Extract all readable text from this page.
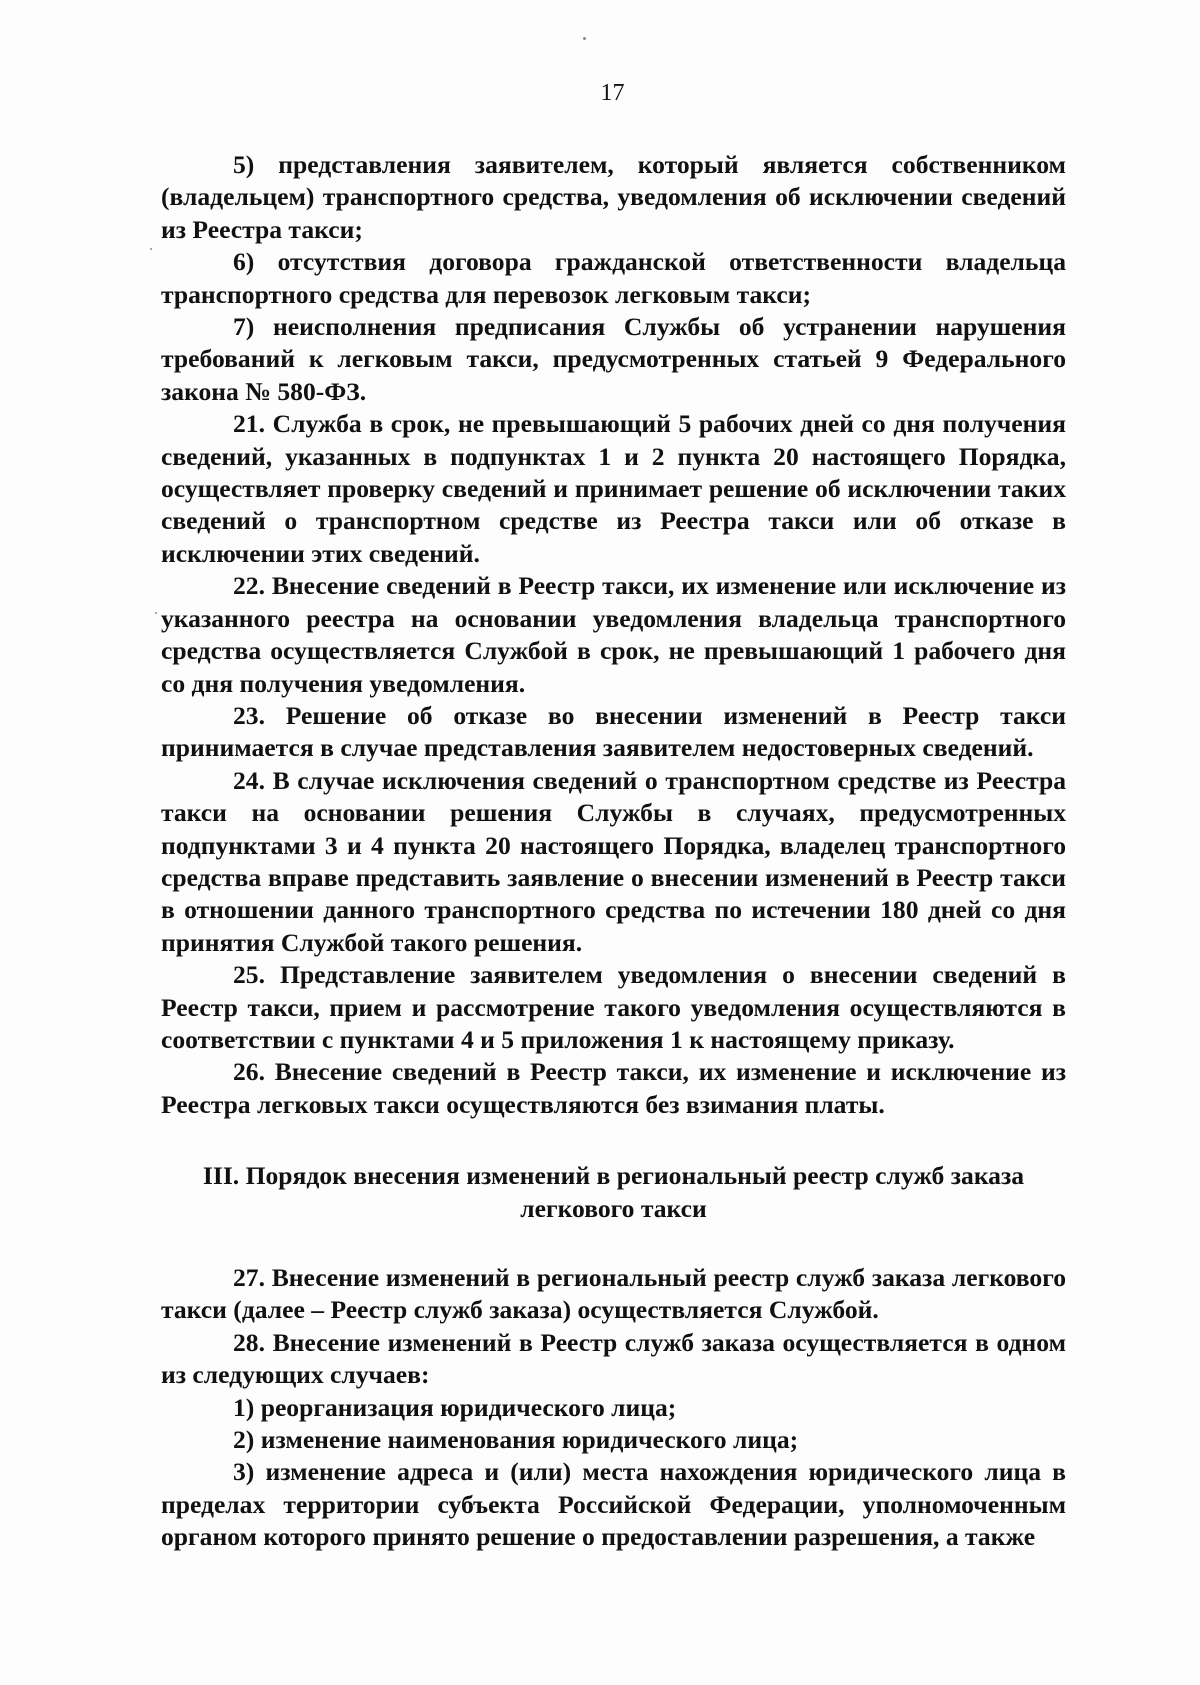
17

5) представления заявителем, который является собственником (владельцем) транспортного средства, уведомления об исключении сведений из Реестра такси;

6) отсутствия договора гражданской ответственности владельца транспортного средства для перевозок легковым такси;

7) неисполнения предписания Службы об устранении нарушения требований к легковым такси, предусмотренных статьей 9 Федерального закона № 580-ФЗ.

21. Служба в срок, не превышающий 5 рабочих дней со дня получения сведений, указанных в подпунктах 1 и 2 пункта 20 настоящего Порядка, осуществляет проверку сведений и принимает решение об исключении таких сведений о транспортном средстве из Реестра такси или об отказе в исключении этих сведений.

22. Внесение сведений в Реестр такси, их изменение или исключение из указанного реестра на основании уведомления владельца транспортного средства осуществляется Службой в срок, не превышающий 1 рабочего дня со дня получения уведомления.

23. Решение об отказе во внесении изменений в Реестр такси принимается в случае представления заявителем недостоверных сведений.

24. В случае исключения сведений о транспортном средстве из Реестра такси на основании решения Службы в случаях, предусмотренных подпунктами 3 и 4 пункта 20 настоящего Порядка, владелец транспортного средства вправе представить заявление о внесении изменений в Реестр такси в отношении данного транспортного средства по истечении 180 дней со дня принятия Службой такого решения.

25. Представление заявителем уведомления о внесении сведений в Реестр такси, прием и рассмотрение такого уведомления осуществляются в соответствии с пунктами 4 и 5 приложения 1 к настоящему приказу.

26. Внесение сведений в Реестр такси, их изменение и исключение из Реестра легковых такси осуществляются без взимания платы.

III. Порядок внесения изменений в региональный реестр служб заказа
легкового такси

27. Внесение изменений в региональный реестр служб заказа легкового такси (далее – Реестр служб заказа) осуществляется Службой.

28. Внесение изменений в Реестр служб заказа осуществляется в одном из следующих случаев:

1) реорганизация юридического лица;

2) изменение наименования юридического лица;

3) изменение адреса и (или) места нахождения юридического лица в пределах территории субъекта Российской Федерации, уполномоченным органом которого принято решение о предоставлении разрешения, а также
